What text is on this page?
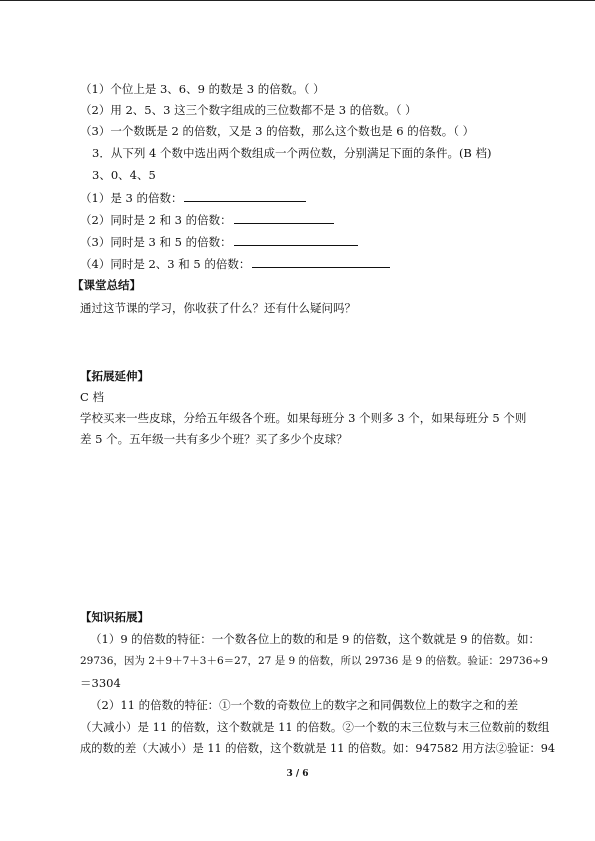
（1）个位上是 3、6、9 的数是 3 的倍数。（ ）
（2）用 2、5、3 这三个数字组成的三位数都不是 3 的倍数。（ ）
（3）一个数既是 2 的倍数，又是 3 的倍数，那么这个数也是 6 的倍数。（ ）
3．从下列 4 个数中选出两个数组成一个两位数，分别满足下面的条件。(B 档)
3、0、4、5
（1）是 3 的倍数：
（2）同时是 2 和 3 的倍数：
（3）同时是 3 和 5 的倍数：
（4）同时是 2、3 和 5 的倍数：
【课堂总结】
通过这节课的学习，你收获了什么？还有什么疑问吗？
【拓展延伸】
C 档
学校买来一些皮球，分给五年级各个班。如果每班分 3 个则多 3 个，如果每班分 5 个则
差 5 个。五年级一共有多少个班？买了多少个皮球？
【知识拓展】
（1）9 的倍数的特征：一个数各位上的数的和是 9 的倍数，这个数就是 9 的倍数。如：
29736，因为 2＋9＋7＋3＋6＝27，27 是 9 的倍数，所以 29736 是 9 的倍数。验证：29736÷9
＝3304
（2）11 的倍数的特征：①一个数的奇数位上的数字之和同偶数位上的数字之和的差
（大减小）是 11 的倍数，这个数就是 11 的倍数。②一个数的末三位数与末三位数前的数组
成的数的差（大减小）是 11 的倍数，这个数就是 11 的倍数。如：947582 用方法②验证：94
3 / 6
